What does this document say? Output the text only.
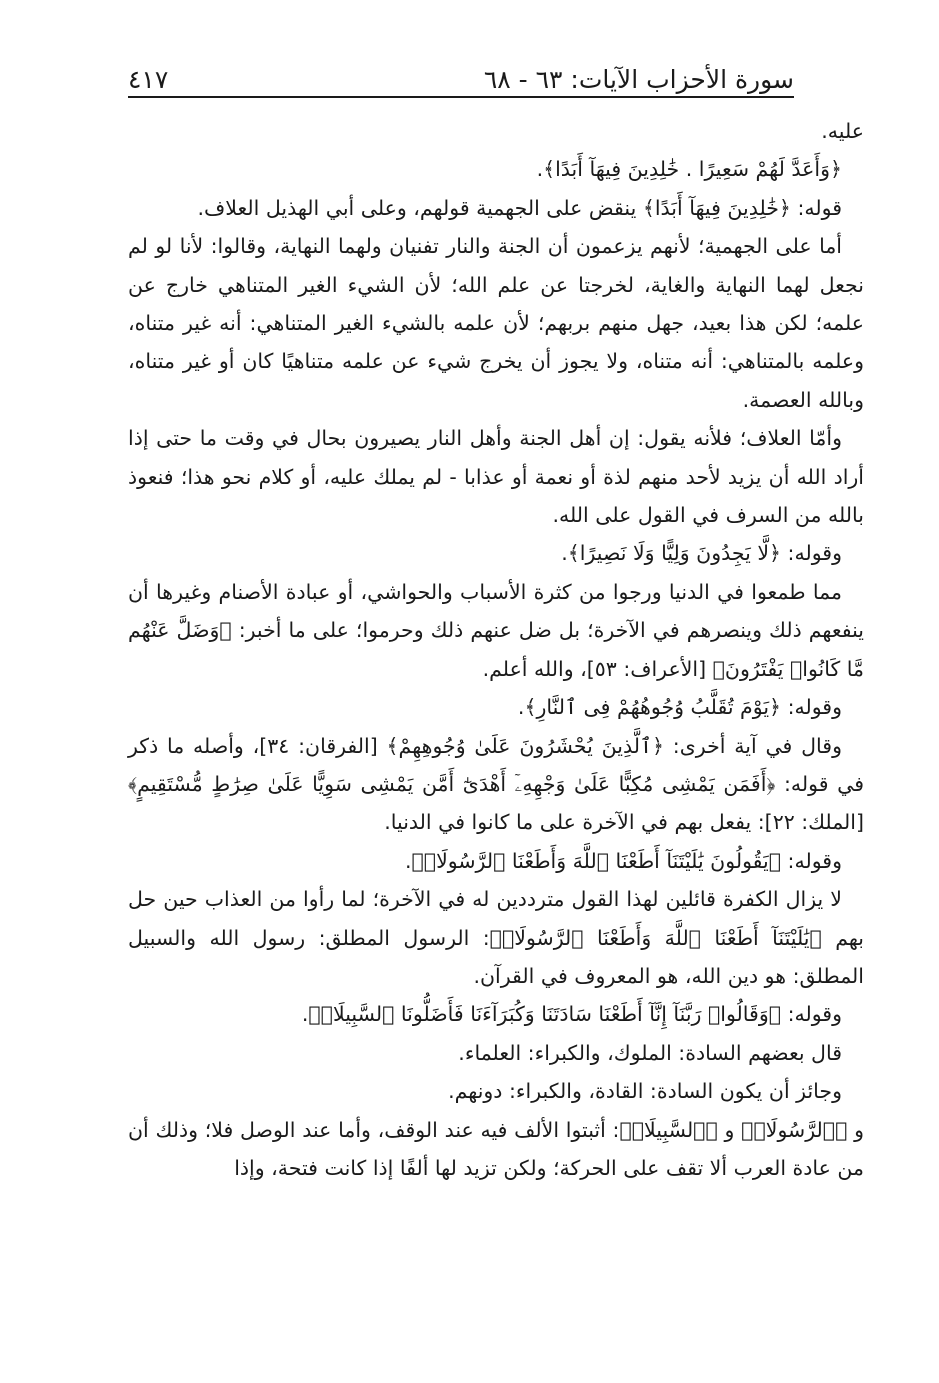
سورة الأحزاب الآيات: ٦٣ - ٦٨
٤١٧

عليه.

﴿وَأَعَدَّ لَهُمْ سَعِيرًا . خَٰلِدِينَ فِيهَآ أَبَدًا﴾.

قوله: ﴿خَٰلِدِينَ فِيهَآ أَبَدًا﴾ ينقض على الجهمية قولهم، وعلى أبي الهذيل العلاف.

أما على الجهمية؛ لأنهم يزعمون أن الجنة والنار تفنيان ولهما النهاية، وقالوا: لأنا لو لم نجعل لهما النهاية والغاية، لخرجتا عن علم الله؛ لأن الشيء الغير المتناهي خارج عن علمه؛ لكن هذا بعيد، جهل منهم بربهم؛ لأن علمه بالشيء الغير المتناهي: أنه غير متناه، وعلمه بالمتناهي: أنه متناه، ولا يجوز أن يخرج شيء عن علمه متناهيًا كان أو غير متناه، وبالله العصمة.

وأمّا العلاف؛ فلأنه يقول: إن أهل الجنة وأهل النار يصيرون بحال في وقت ما حتى إذا أراد الله أن يزيد لأحد منهم لذة أو نعمة أو عذابا - لم يملك عليه، أو كلام نحو هذا؛ فنعوذ بالله من السرف في القول على الله.

وقوله: ﴿لَّا يَجِدُونَ وَلِيًّا وَلَا نَصِيرًا﴾.

مما طمعوا في الدنيا ورجوا من كثرة الأسباب والحواشي، أو عبادة الأصنام وغيرها أن ينفعهم ذلك وينصرهم في الآخرة؛ بل ضل عنهم ذلك وحرموا؛ على ما أخبر: ﴿وَضَلَّ عَنْهُم مَّا كَانُوا۟ يَفْتَرُونَ﴾ [الأعراف: ٥٣]، والله أعلم.

وقوله: ﴿يَوْمَ تُقَلَّبُ وُجُوهُهُمْ فِى ٱلنَّارِ﴾.

وقال في آية أخرى: ﴿ٱلَّذِينَ يُحْشَرُونَ عَلَىٰ وُجُوهِهِمْ﴾ [الفرقان: ٣٤]، وأصله ما ذكر في قوله: ﴿أَفَمَن يَمْشِى مُكِبًّا عَلَىٰ وَجْهِهِۦٓ أَهْدَىٰٓ أَمَّن يَمْشِى سَوِيًّا عَلَىٰ صِرَٰطٍ مُّسْتَقِيمٍ﴾ [الملك: ٢٢]: يفعل بهم في الآخرة على ما كانوا في الدنيا.

وقوله: ﴿يَقُولُونَ يَٰلَيْتَنَآ أَطَعْنَا ٱللَّهَ وَأَطَعْنَا ٱلرَّسُولَا۠﴾.

لا يزال الكفرة قائلين لهذا القول مترددين له في الآخرة؛ لما رأوا من العذاب حين حل بهم ﴿يَٰلَيْتَنَآ أَطَعْنَا ٱللَّهَ وَأَطَعْنَا ٱلرَّسُولَا۠﴾: الرسول المطلق: رسول الله والسبيل المطلق: هو دين الله، هو المعروف في القرآن.

وقوله: ﴿وَقَالُوا۟ رَبَّنَآ إِنَّآ أَطَعْنَا سَادَتَنَا وَكُبَرَآءَنَا فَأَضَلُّونَا ٱلسَّبِيلَا۠﴾.

قال بعضهم السادة: الملوك، والكبراء: العلماء.

وجائز أن يكون السادة: القادة، والكبراء: دونهم.

و ﴿ٱلرَّسُولَا۠﴾ و ﴿ٱلسَّبِيلَا۠﴾: أثبتوا الألف فيه عند الوقف، وأما عند الوصل فلا؛ وذلك أن من عادة العرب ألا تقف على الحركة؛ ولكن تزيد لها ألفًا إذا كانت فتحة، وإذا
